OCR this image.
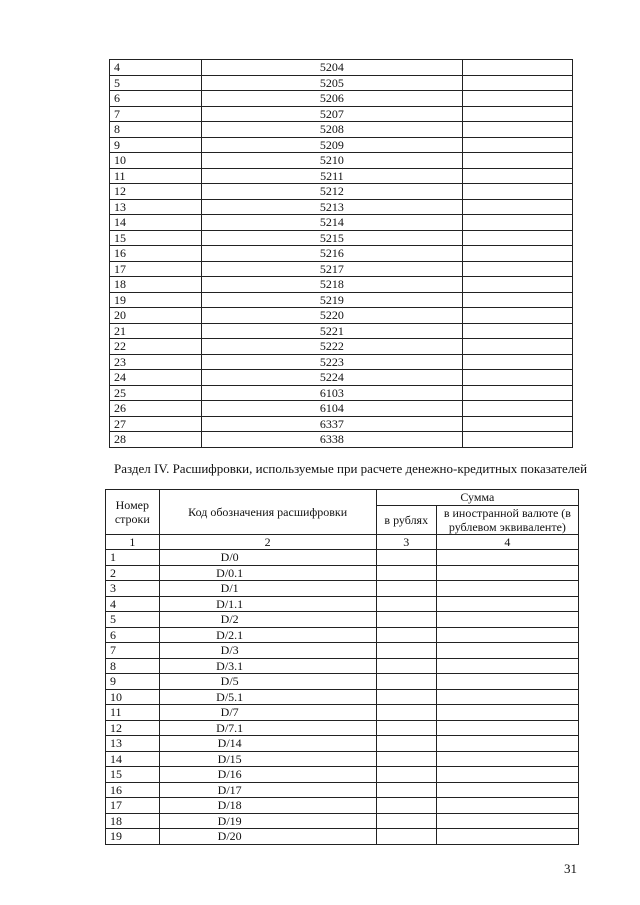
4	5204	
5	5205	
6	5206	
7	5207	
8	5208	
9	5209	
10	5210	
11	5211	
12	5212	
13	5213	
14	5214	
15	5215	
16	5216	
17	5217	
18	5218	
19	5219	
20	5220	
21	5221	
22	5222	
23	5223	
24	5224	
25	6103	
26	6104	
27	6337	
28	6338	
Раздел IV. Расшифровки, используемые при расчете денежно-кредитных показателей
Номер строки	Код обозначения расшифровки	Сумма	
		в рублях	в иностранной валюте (в рублевом эквиваленте)
1	2	3	4
1	D/0		
2	D/0.1		
3	D/1		
4	D/1.1		
5	D/2		
6	D/2.1		
7	D/3		
8	D/3.1		
9	D/5		
10	D/5.1		
11	D/7		
12	D/7.1		
13	D/14		
14	D/15		
15	D/16		
16	D/17		
17	D/18		
18	D/19		
19	D/20		
31
